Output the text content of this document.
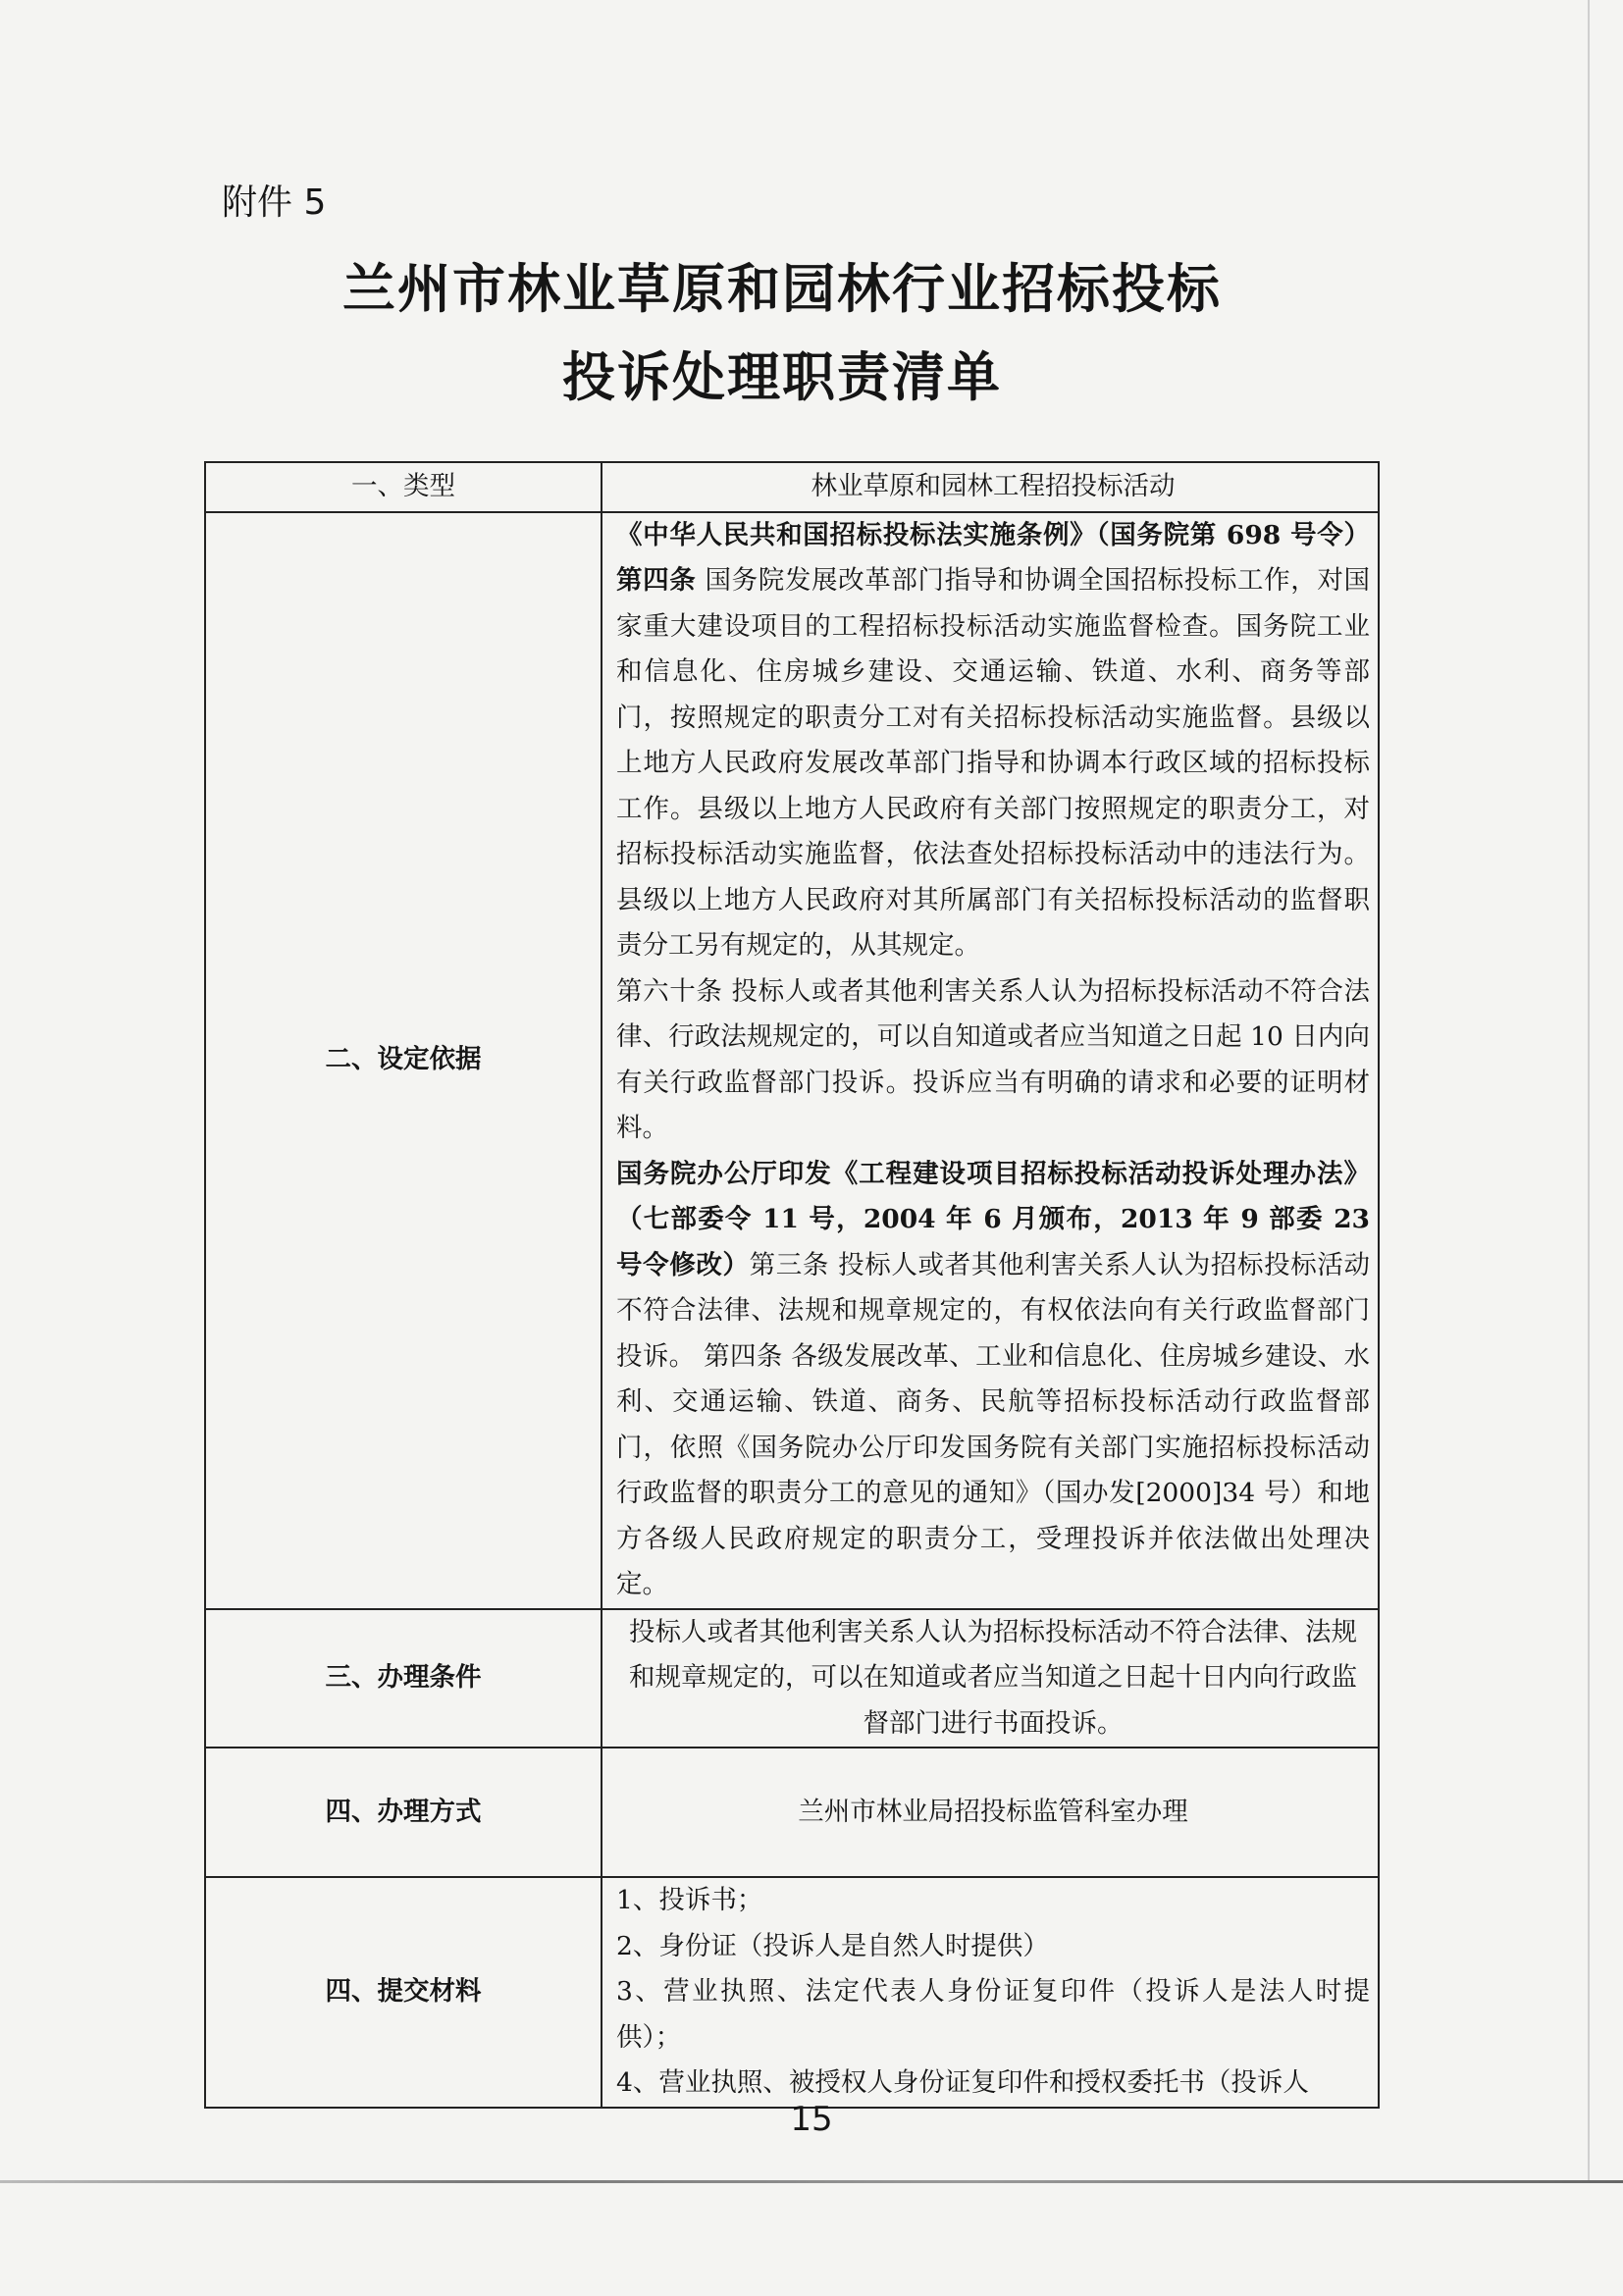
附件 5
兰州市林业草原和园林行业招标投标
投诉处理职责清单
一、类型	林业草原和园林工程招投标活动
二、设定依据	《中华人民共和国招标投标法实施条例》（国务院第 698 号令）第四条 国务院发展改革部门指导和协调全国招标投标工作，对国家重大建设项目的工程招标投标活动实施监督检查。国务院工业和信息化、住房城乡建设、交通运输、铁道、水利、商务等部门，按照规定的职责分工对有关招标投标活动实施监督。县级以上地方人民政府发展改革部门指导和协调本行政区域的招标投标工作。县级以上地方人民政府有关部门按照规定的职责分工，对招标投标活动实施监督，依法查处招标投标活动中的违法行为。县级以上地方人民政府对其所属部门有关招标投标活动的监督职责分工另有规定的，从其规定。
第六十条 投标人或者其他利害关系人认为招标投标活动不符合法律、行政法规规定的，可以自知道或者应当知道之日起 10 日内向有关行政监督部门投诉。投诉应当有明确的请求和必要的证明材料。
国务院办公厅印发《工程建设项目招标投标活动投诉处理办法》（七部委令 11 号，2004 年 6 月颁布，2013 年 9 部委 23 号令修改）第三条 投标人或者其他利害关系人认为招标投标活动不符合法律、法规和规章规定的，有权依法向有关行政监督部门投诉。 第四条 各级发展改革、工业和信息化、住房城乡建设、水利、交通运输、铁道、商务、民航等招标投标活动行政监督部门，依照《国务院办公厅印发国务院有关部门实施招标投标活动行政监督的职责分工的意见的通知》（国办发[2000]34 号）和地方各级人民政府规定的职责分工，受理投诉并依法做出处理决定。

三、办理条件	投标人或者其他利害关系人认为招标投标活动不符合法律、法规和规章规定的，可以在知道或者应当知道之日起十日内向行政监督部门进行书面投诉。
四、办理方式	兰州市林业局招投标监管科室办理
四、提交材料	1、投诉书；
2、身份证（投诉人是自然人时提供）
3、营业执照、法定代表人身份证复印件（投诉人是法人时提供）；
4、营业执照、被授权人身份证复印件和授权委托书（投诉人
15
